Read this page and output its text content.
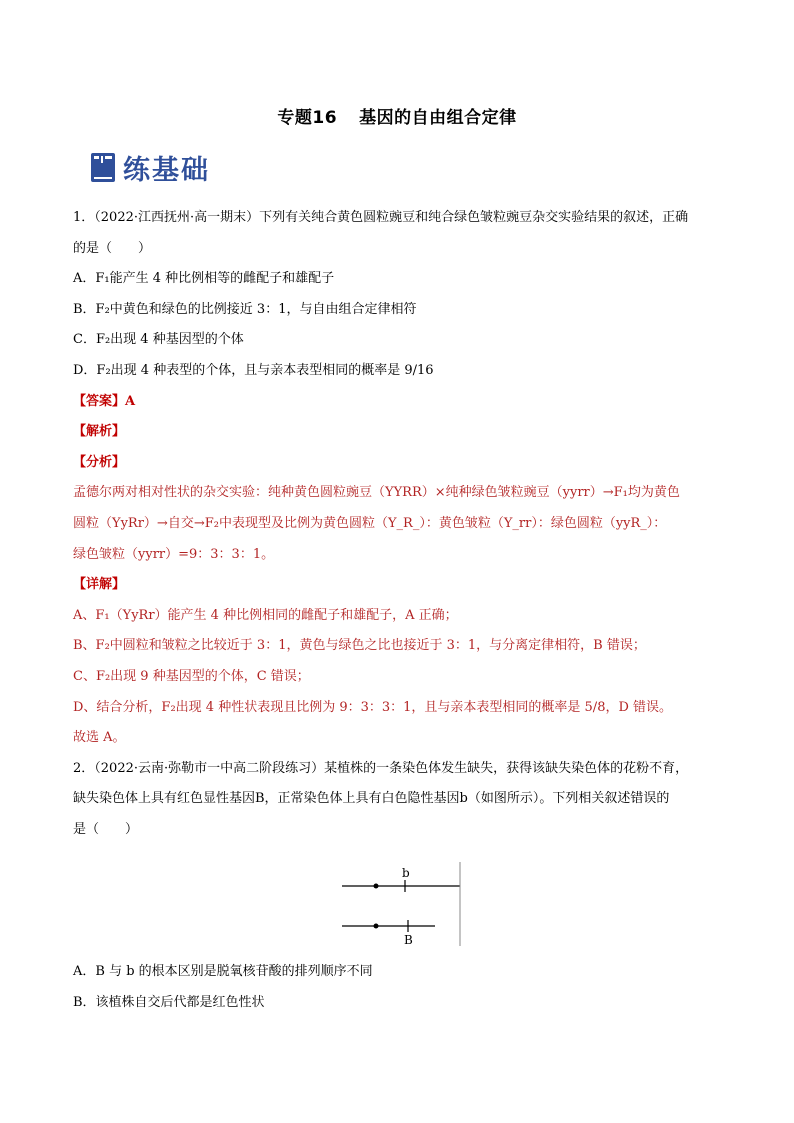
专题16 基因的自由组合定律
练基础

1．（2022·江西抚州·高一期末）下列有关纯合黄色圆粒豌豆和纯合绿色皱粒豌豆杂交实验结果的叙述，正确

的是（　　）

A．F₁能产生 4 种比例相等的雌配子和雄配子

B．F₂中黄色和绿色的比例接近 3：1，与自由组合定律相符

C．F₂出现 4 种基因型的个体

D．F₂出现 4 种表型的个体，且与亲本表型相同的概率是 9/16

【答案】A

【解析】

【分析】

孟德尔两对相对性状的杂交实验：纯种黄色圆粒豌豆（YYRR）×纯种绿色皱粒豌豆（yyrr）→F₁均为黄色

圆粒（YyRr）→自交→F₂中表现型及比例为黄色圆粒（Y_R_）：黄色皱粒（Y_rr）：绿色圆粒（yyR_）：

绿色皱粒（yyrr）=9：3：3：1。

【详解】

A、F₁（YyRr）能产生 4 种比例相同的雌配子和雄配子，A 正确；

B、F₂中圆粒和皱粒之比较近于 3：1，黄色与绿色之比也接近于 3：1，与分离定律相符，B 错误；

C、F₂出现 9 种基因型的个体，C 错误；

D、结合分析，F₂出现 4 种性状表现且比例为 9：3：3：1，且与亲本表型相同的概率是 5/8，D 错误。

故选 A。

2．（2022·云南·弥勒市一中高二阶段练习）某植株的一条染色体发生缺失，获得该缺失染色体的花粉不育，

缺失染色体上具有红色显性基因B，正常染色体上具有白色隐性基因b（如图所示）。下列相关叙述错误的

是（　　）

b
B

A．B 与 b 的根本区别是脱氧核苷酸的排列顺序不同

B．该植株自交后代都是红色性状
